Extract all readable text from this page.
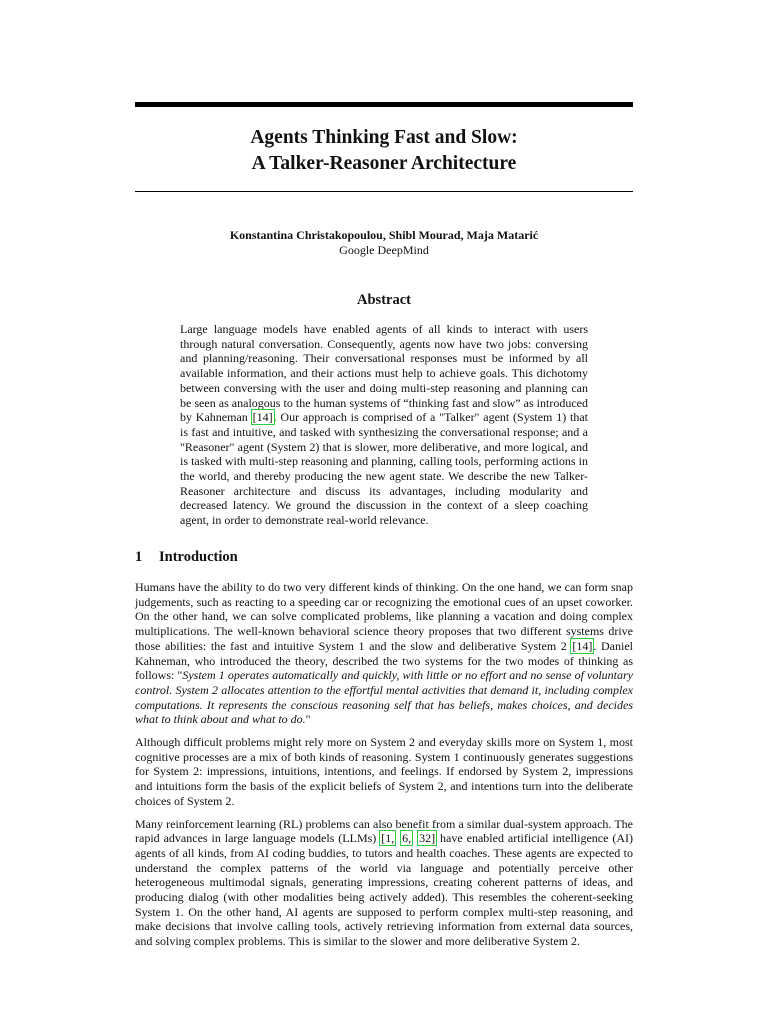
Agents Thinking Fast and Slow:
A Talker-Reasoner Architecture
Konstantina Christakopoulou, Shibl Mourad, Maja Matarić
Google DeepMind
Abstract

Large language models have enabled agents of all kinds to interact with users through natural conversation. Consequently, agents now have two jobs: conversing and planning/reasoning. Their conversational responses must be informed by all available information, and their actions must help to achieve goals. This dichotomy between conversing with the user and doing multi-step reasoning and planning can be seen as analogous to the human systems of “thinking fast and slow” as introduced by Kahneman [14]. Our approach is comprised of a "Talker" agent (System 1) that is fast and intuitive, and tasked with synthesizing the conversational response; and a "Reasoner" agent (System 2) that is slower, more deliberative, and more logical, and is tasked with multi-step reasoning and planning, calling tools, performing actions in the world, and thereby producing the new agent state. We describe the new Talker-Reasoner architecture and discuss its advantages, including modularity and decreased latency. We ground the discussion in the context of a sleep coaching agent, in order to demonstrate real-world relevance.

1 Introduction

Humans have the ability to do two very different kinds of thinking. On the one hand, we can form snap judgements, such as reacting to a speeding car or recognizing the emotional cues of an upset coworker. On the other hand, we can solve complicated problems, like planning a vacation and doing complex multiplications. The well-known behavioral science theory proposes that two different systems drive those abilities: the fast and intuitive System 1 and the slow and deliberative System 2 [14]. Daniel Kahneman, who introduced the theory, described the two systems for the two modes of thinking as follows: "System 1 operates automatically and quickly, with little or no effort and no sense of voluntary control. System 2 allocates attention to the effortful mental activities that demand it, including complex computations. It represents the conscious reasoning self that has beliefs, makes choices, and decides what to think about and what to do."

Although difficult problems might rely more on System 2 and everyday skills more on System 1, most cognitive processes are a mix of both kinds of reasoning. System 1 continuously generates suggestions for System 2: impressions, intuitions, intentions, and feelings. If endorsed by System 2, impressions and intuitions form the basis of the explicit beliefs of System 2, and intentions turn into the deliberate choices of System 2.

Many reinforcement learning (RL) problems can also benefit from a similar dual-system approach. The rapid advances in large language models (LLMs) [1, 6, 32] have enabled artificial intelligence (AI) agents of all kinds, from AI coding buddies, to tutors and health coaches. These agents are expected to understand the complex patterns of the world via language and potentially perceive other heterogeneous multimodal signals, generating impressions, creating coherent patterns of ideas, and producing dialog (with other modalities being actively added). This resembles the coherent-seeking System 1. On the other hand, AI agents are supposed to perform complex multi-step reasoning, and make decisions that involve calling tools, actively retrieving information from external data sources, and solving complex problems. This is similar to the slower and more deliberative System 2.
